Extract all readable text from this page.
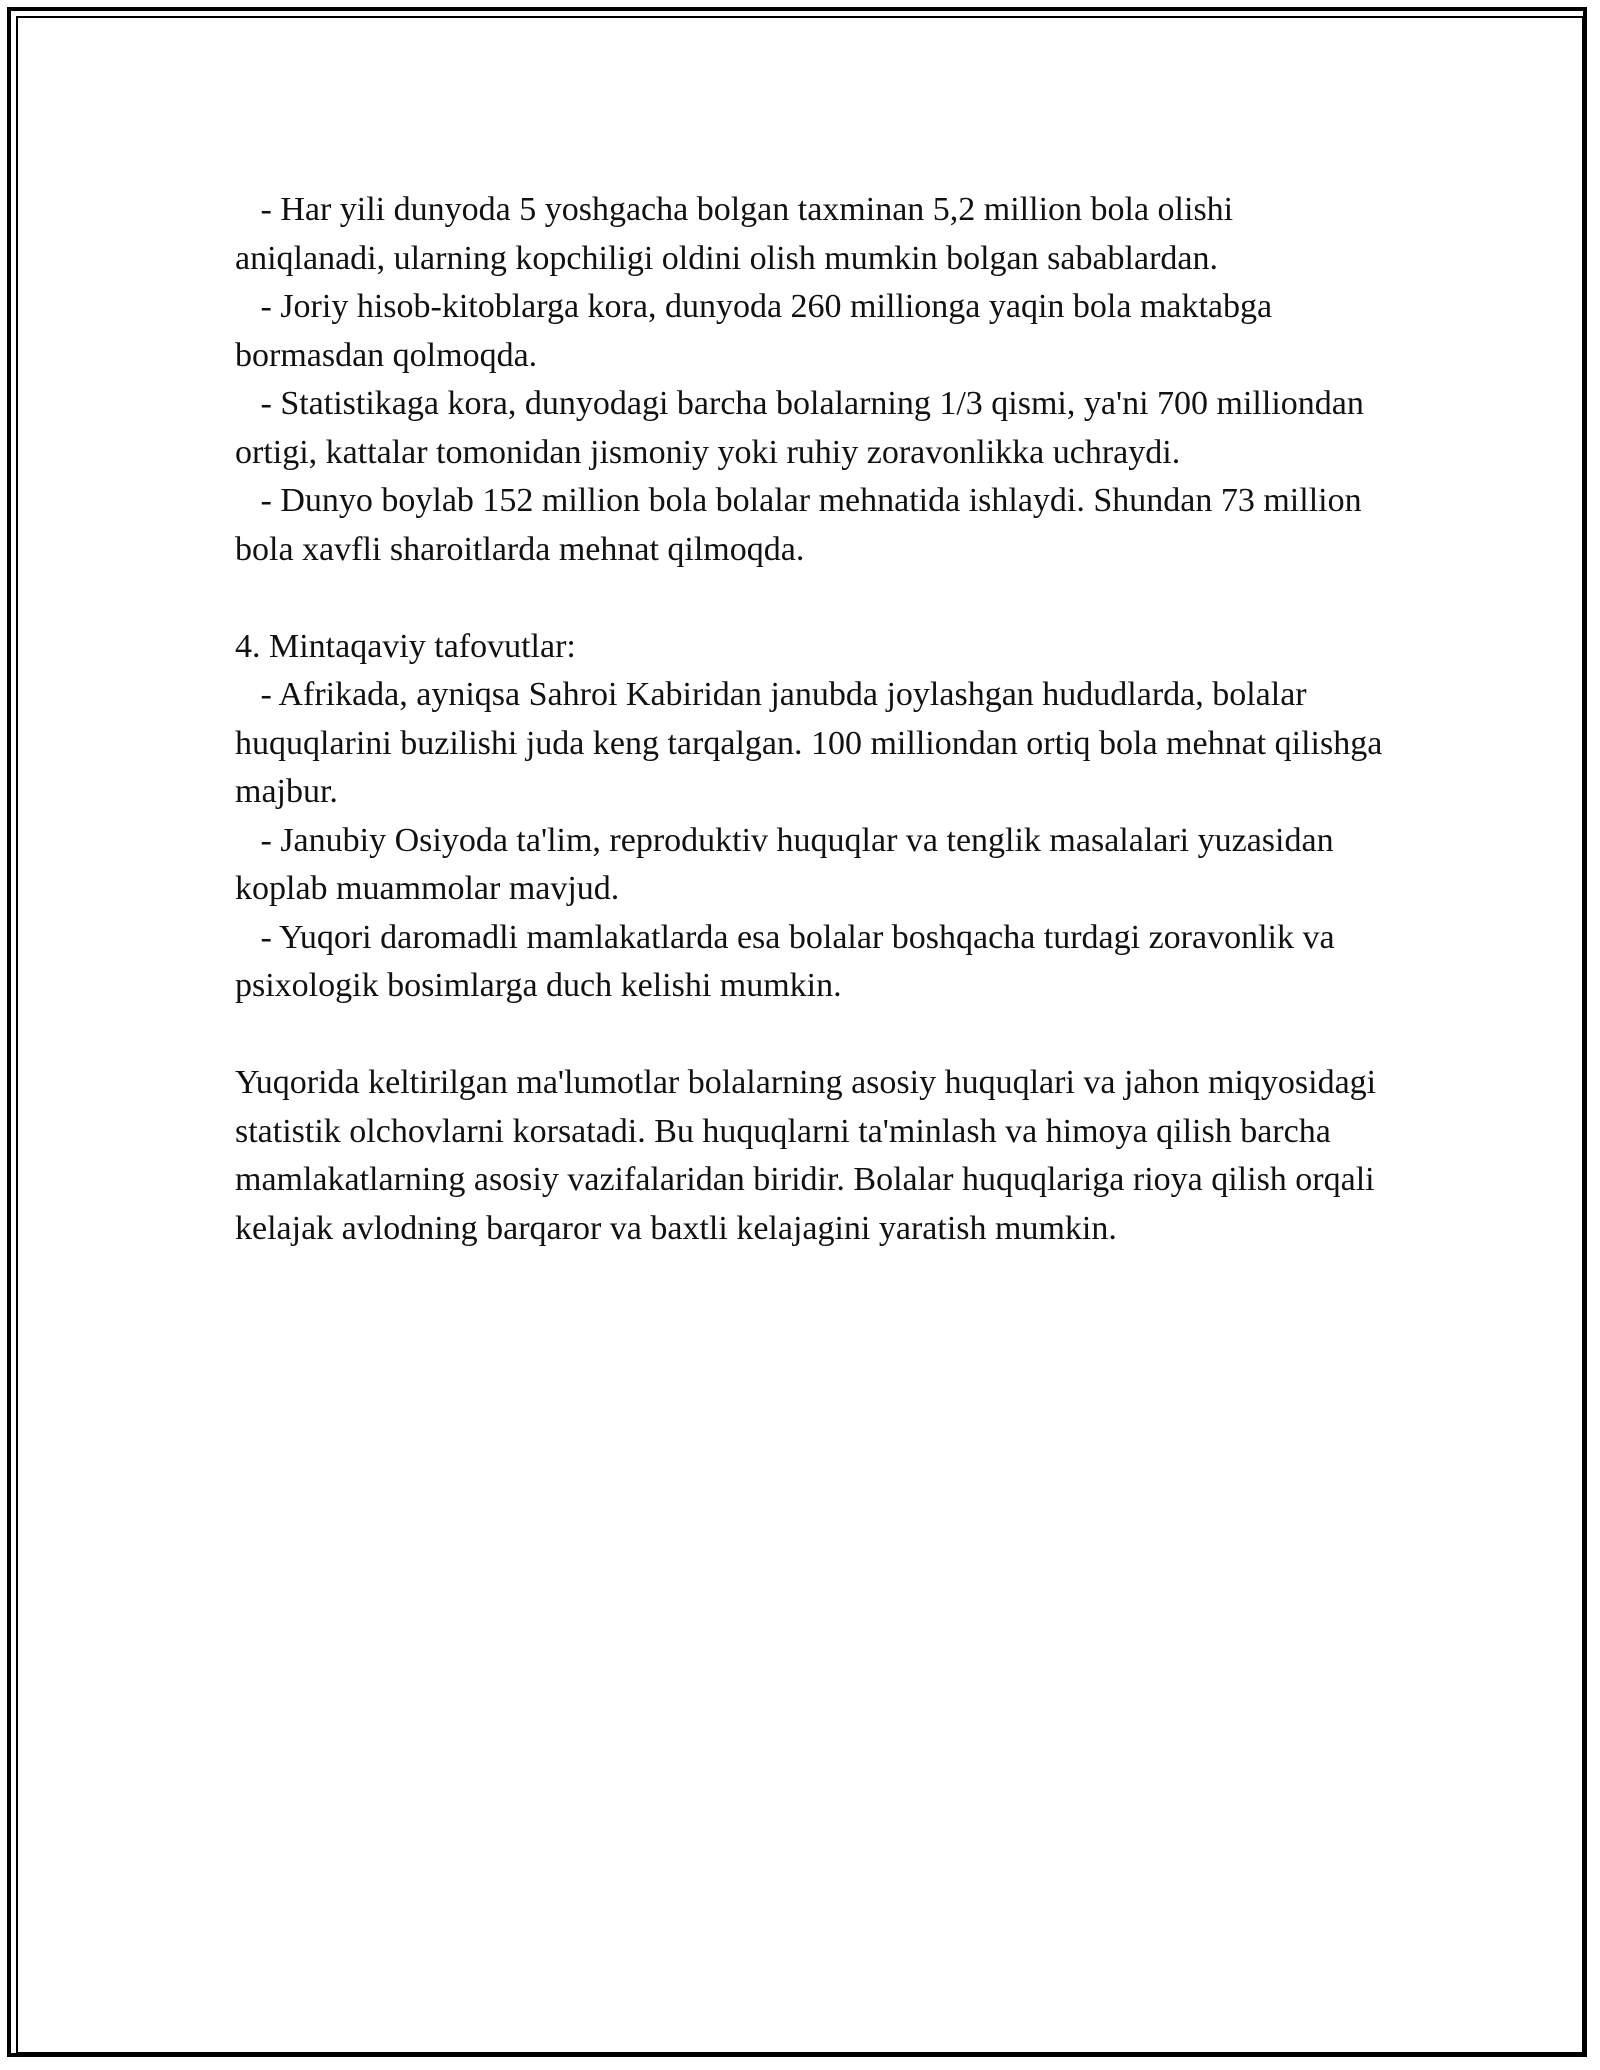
- Har yili dunyoda 5 yoshgacha bolgan taxminan 5,2 million bola olishi aniqlanadi, ularning kopchiligi oldini olish mumkin bolgan sabablardan.

- Joriy hisob-kitoblarga kora, dunyoda 260 millionga yaqin bola maktabga bormasdan qolmoqda.

- Statistikaga kora, dunyodagi barcha bolalarning 1/3 qismi, ya'ni 700 milliondan ortigi, kattalar tomonidan jismoniy yoki ruhiy zoravonlikka uchraydi.

- Dunyo boylab 152 million bola bolalar mehnatida ishlaydi. Shundan 73 million bola xavfli sharoitlarda mehnat qilmoqda.

4. Mintaqaviy tafovutlar:

- Afrikada, ayniqsa Sahroi Kabiridan janubda joylashgan hududlarda, bolalar huquqlarini buzilishi juda keng tarqalgan. 100 milliondan ortiq bola mehnat qilishga majbur.

- Janubiy Osiyoda ta'lim, reproduktiv huquqlar va tenglik masalalari yuzasidan koplab muammolar mavjud.

- Yuqori daromadli mamlakatlarda esa bolalar boshqacha turdagi zoravonlik va psixologik bosimlarga duch kelishi mumkin.

Yuqorida keltirilgan ma'lumotlar bolalarning asosiy huquqlari va jahon miqyosidagi statistik olchovlarni korsatadi. Bu huquqlarni ta'minlash va himoya qilish barcha mamlakatlarning asosiy vazifalaridan biridir. Bolalar huquqlariga rioya qilish orqali kelajak avlodning barqaror va baxtli kelajagini yaratish mumkin.
